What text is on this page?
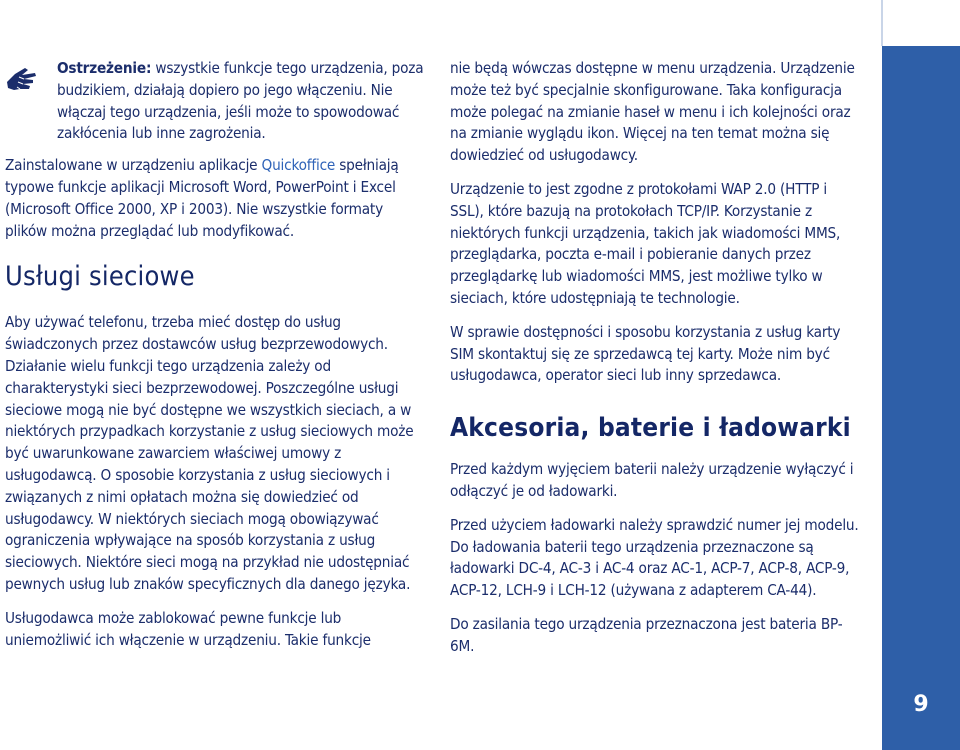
9

Ostrzeżenie: wszystkie funkcje tego urządzenia, poza budzikiem, działają dopiero po jego włączeniu. Nie włączaj tego urządzenia, jeśli może to spowodować zakłócenia lub inne zagrożenia.

Zainstalowane w urządzeniu aplikacje Quickoffice spełniają typowe funkcje aplikacji Microsoft Word, PowerPoint i Excel (Microsoft Office 2000, XP i 2003). Nie wszystkie formaty plików można przeglądać lub modyfikować.

Usługi sieciowe

Aby używać telefonu, trzeba mieć dostęp do usług świadczonych przez dostawców usług bezprzewodowych. Działanie wielu funkcji tego urządzenia zależy od charakterystyki sieci bezprzewodowej. Poszczególne usługi sieciowe mogą nie być dostępne we wszystkich sieciach, a w niektórych przypadkach korzystanie z usług sieciowych może być uwarunkowane zawarciem właściwej umowy z usługodawcą. O sposobie korzystania z usług sieciowych i związanych z nimi opłatach można się dowiedzieć od usługodawcy. W niektórych sieciach mogą obowiązywać ograniczenia wpływające na sposób korzystania z usług sieciowych. Niektóre sieci mogą na przykład nie udostępniać pewnych usług lub znaków specyficznych dla danego języka.

Usługodawca może zablokować pewne funkcje lub uniemożliwić ich włączenie w urządzeniu. Takie funkcje

nie będą wówczas dostępne w menu urządzenia. Urządzenie może też być specjalnie skonfigurowane. Taka konfiguracja może polegać na zmianie haseł w menu i ich kolejności oraz na zmianie wyglądu ikon. Więcej na ten temat można się dowiedzieć od usługodawcy.

Urządzenie to jest zgodne z protokołami WAP 2.0 (HTTP i SSL), które bazują na protokołach TCP/IP. Korzystanie z niektórych funkcji urządzenia, takich jak wiadomości MMS, przeglądarka, poczta e-mail i pobieranie danych przez przeglądarkę lub wiadomości MMS, jest możliwe tylko w sieciach, które udostępniają te technologie.

W sprawie dostępności i sposobu korzystania z usług karty SIM skontaktuj się ze sprzedawcą tej karty. Może nim być usługodawca, operator sieci lub inny sprzedawca.

Akcesoria, baterie i ładowarki

Przed każdym wyjęciem baterii należy urządzenie wyłączyć i odłączyć je od ładowarki.

Przed użyciem ładowarki należy sprawdzić numer jej modelu. Do ładowania baterii tego urządzenia przeznaczone są ładowarki DC-4, AC-3 i AC-4 oraz AC-1, ACP-7, ACP-8, ACP-9, ACP-12, LCH-9 i LCH-12 (używana z adapterem CA-44).

Do zasilania tego urządzenia przeznaczona jest bateria BP-6M.
